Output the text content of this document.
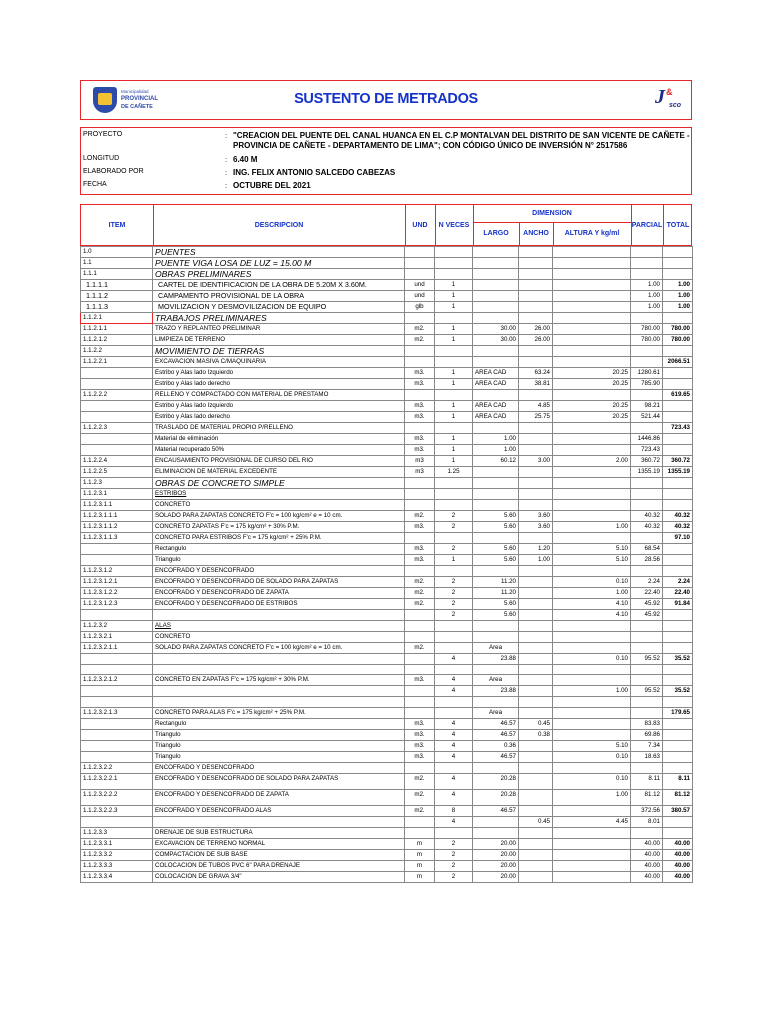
Municipalidad
PROVINCIAL
DE CAÑETE	SUSTENTO DE METRADOS	J &
sco
PROYECTO	: "CREACION DEL PUENTE DEL CANAL HUANCA EN EL C.P MONTALVAN DEL DISTRITO DE SAN VICENTE DE CAÑETE - PROVINCIA DE CAÑETE - DEPARTAMENTO DE LIMA"; CON CÓDIGO ÚNICO DE INVERSIÓN N° 2517586
LONGITUD	: 6.40 M
ELABORADO POR	: ING. FELIX ANTONIO SALCEDO CABEZAS
FECHA	: OCTUBRE DEL 2021
ITEM	DESCRIPCION	UND	N VECES
DIMENSION
LARGO	ANCHO	ALTURA Y kg/ml
PARCIAL TOTAL
1.0	PUENTES							
1.1	PUENTE VIGA LOSA DE LUZ = 15.00 M							
1.1.1	OBRAS PRELIMINARES							
1.1.1.1	CARTEL DE IDENTIFICACION DE LA OBRA DE 5.20M X 3.60M.	und	1				1.00	1.00
1.1.1.2	CAMPAMENTO PROVISIONAL DE LA OBRA	und	1				1.00	1.00
1.1.1.3	MOVILIZACION Y DESMOVILIZACION DE EQUIPO	glb	1				1.00	1.00
1.1.2.1	TRABAJOS PRELIMINARES							
1.1.2.1.1	TRAZO Y REPLANTEO PRELIMINAR	m2.	1	30.00	26.00		780.00	780.00
1.1.2.1.2	LIMPIEZA DE TERRENO	m2.	1	30.00	26.00		780.00	780.00
1.1.2.2	MOVIMIENTO DE TIERRAS							
1.1.2.2.1	EXCAVACION MASIVA C/MAQUINARIA							2066.51
	Estribo y Alas lado Izquierdo	m3.	1	AREA CAD	63.24	20.25	1280.61	
	Estribo y Alas lado derecho	m3.	1	AREA CAD	38.81	20.25	785.90	
1.1.2.2.2	RELLENO Y COMPACTADO CON MATERIAL DE PRESTAMO							619.65
	Estribo y Alas lado Izquierdo	m3.	1	AREA CAD	4.85	20.25	98.21	
	Estribo y Alas lado derecho	m3.	1	AREA CAD	25.75	20.25	521.44	
1.1.2.2.3	TRASLADO DE MATERIAL PROPIO P/RELLENO							723.43
	Material de eliminación	m3.	1	1.00			1446.86	
	Material recuperado 50%	m3.	1	1.00			723.43	
1.1.2.2.4	ENCAUSAMIENTO PROVISIONAL DE CURSO DEL RIO	m3	1	60.12	3.00	2.00	360.72	360.72
1.1.2.2.5	ELIMINACION DE MATERIAL EXCEDENTE	m3	1.25				1355.19	1355.19
1.1.2.3	OBRAS DE CONCRETO SIMPLE							
1.1.2.3.1	ESTRIBOS							
1.1.2.3.1.1	CONCRETO							
1.1.2.3.1.1.1	SOLADO PARA ZAPATAS CONCRETO F'c = 100 kg/cm² e = 10 cm.	m2.	2	5.60	3.60		40.32	40.32
1.1.2.3.1.1.2	CONCRETO ZAPATAS F'c = 175 kg/cm² + 30% P.M.	m3.	2	5.60	3.60	1.00	40.32	40.32
1.1.2.3.1.1.3	CONCRETO PARA ESTRIBOS F'c = 175 kg/cm² + 25% P.M.							97.10
	Rectangulo	m3.	2	5.60	1.20	5.10	68.54	
	Triangulo	m3.	1	5.60	1.00	5.10	28.56	
1.1.2.3.1.2	ENCOFRADO Y DESENCOFRADO							
1.1.2.3.1.2.1	ENCOFRADO Y DESENCOFRADO DE SOLADO PARA ZAPATAS	m2.	2	11.20		0.10	2.24	2.24
1.1.2.3.1.2.2	ENCOFRADO Y DESENCOFRADO DE ZAPATA	m2.	2	11.20		1.00	22.40	22.40
1.1.2.3.1.2.3	ENCOFRADO Y DESENCOFRADO DE ESTRIBOS	m2.	2	5.60		4.10	45.92	91.84
			2	5.60		4.10	45.92	
1.1.2.3.2	ALAS							
1.1.2.3.2.1	CONCRETO							
1.1.2.3.2.1.1	SOLADO PARA ZAPATAS CONCRETO F'c = 100 kg/cm² e = 10 cm.	m2.		Area				
			4	23.88		0.10	95.52	35.52

1.1.2.3.2.1.2	CONCRETO EN ZAPATAS F'c = 175 kg/cm² + 30% P.M.	m3.	4	Area				
			4	23.88		1.00	95.52	35.52

1.1.2.3.2.1.3	CONCRETO PARA ALAS F'c = 175 kg/cm² + 25% P.M.			Area				179.65
	Rectangulo	m3.	4	46.57	0.45		83.83	
	Triangulo	m3.	4	46.57	0.38		69.86	
	Triangulo	m3.	4	0.36		5.10	7.34	
	Triangulo	m3.	4	46.57		0.10	18.63	
1.1.2.3.2.2	ENCOFRADO Y DESENCOFRADO							
1.1.2.3.2.2.1	ENCOFRADO Y DESENCOFRADO DE SOLADO PARA ZAPATAS	m2.	4	20.28		0.10	8.11	8.11
1.1.2.3.2.2.2	ENCOFRADO Y DESENCOFRADO DE ZAPATA	m2.	4	20.28		1.00	81.12	81.12
1.1.2.3.2.2.3	ENCOFRADO Y DESENCOFRADO ALAS	m2.	8	46.57			372.56	380.57
			4		0.45	4.45	8.01	
1.1.2.3.3	DRENAJE DE SUB ESTRUCTURA							
1.1.2.3.3.1	EXCAVACION DE TERRENO NORMAL	m	2	20.00			40.00	40.00
1.1.2.3.3.2	COMPACTACION DE SUB BASE	m	2	20.00			40.00	40.00
1.1.2.3.3.3	COLOCACION DE TUBOS PVC 6" PARA DRENAJE	m	2	20.00			40.00	40.00
1.1.2.3.3.4	COLOCACION DE GRAVA 3/4"	m	2	20.00			40.00	40.00
